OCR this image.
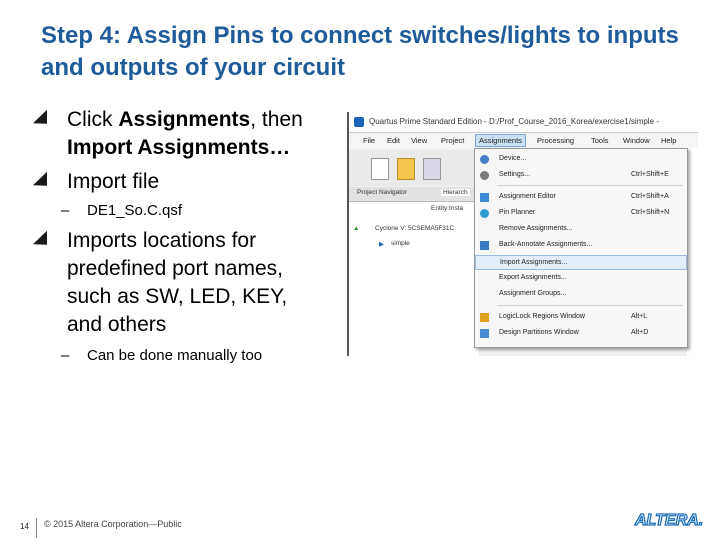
Step 4: Assign Pins to connect switches/lights to inputs and outputs of your circuit
Click Assignments, then Import Assignments…
Import file
– DE1_So.C.qsf
Imports locations for predefined port names, such as SW, LED, KEY, and others
– Can be done manually too
Quartus Prime Standard Edition - D:/Prof_Course_2016_Korea/exercise1/simple -
File Edit View Project	Assignments	Processing Tools Window Help
Project Navigator	Hierarch
Entity:Insta
▲ Cyclone V: 5CSEMA5F31C
▶ simple
Device...
Settings...	Ctrl+Shift+E
Assignment Editor	Ctrl+Shift+A
Pin Planner	Ctrl+Shift+N
Remove Assignments...
Back-Annotate Assignments...
Import Assignments...
Export Assignments...
Assignment Groups...
LogicLock Regions Window	Alt+L
Design Partitions Window	Alt+D
14 © 2015 Altera Corporation—Public	ALTERA.
